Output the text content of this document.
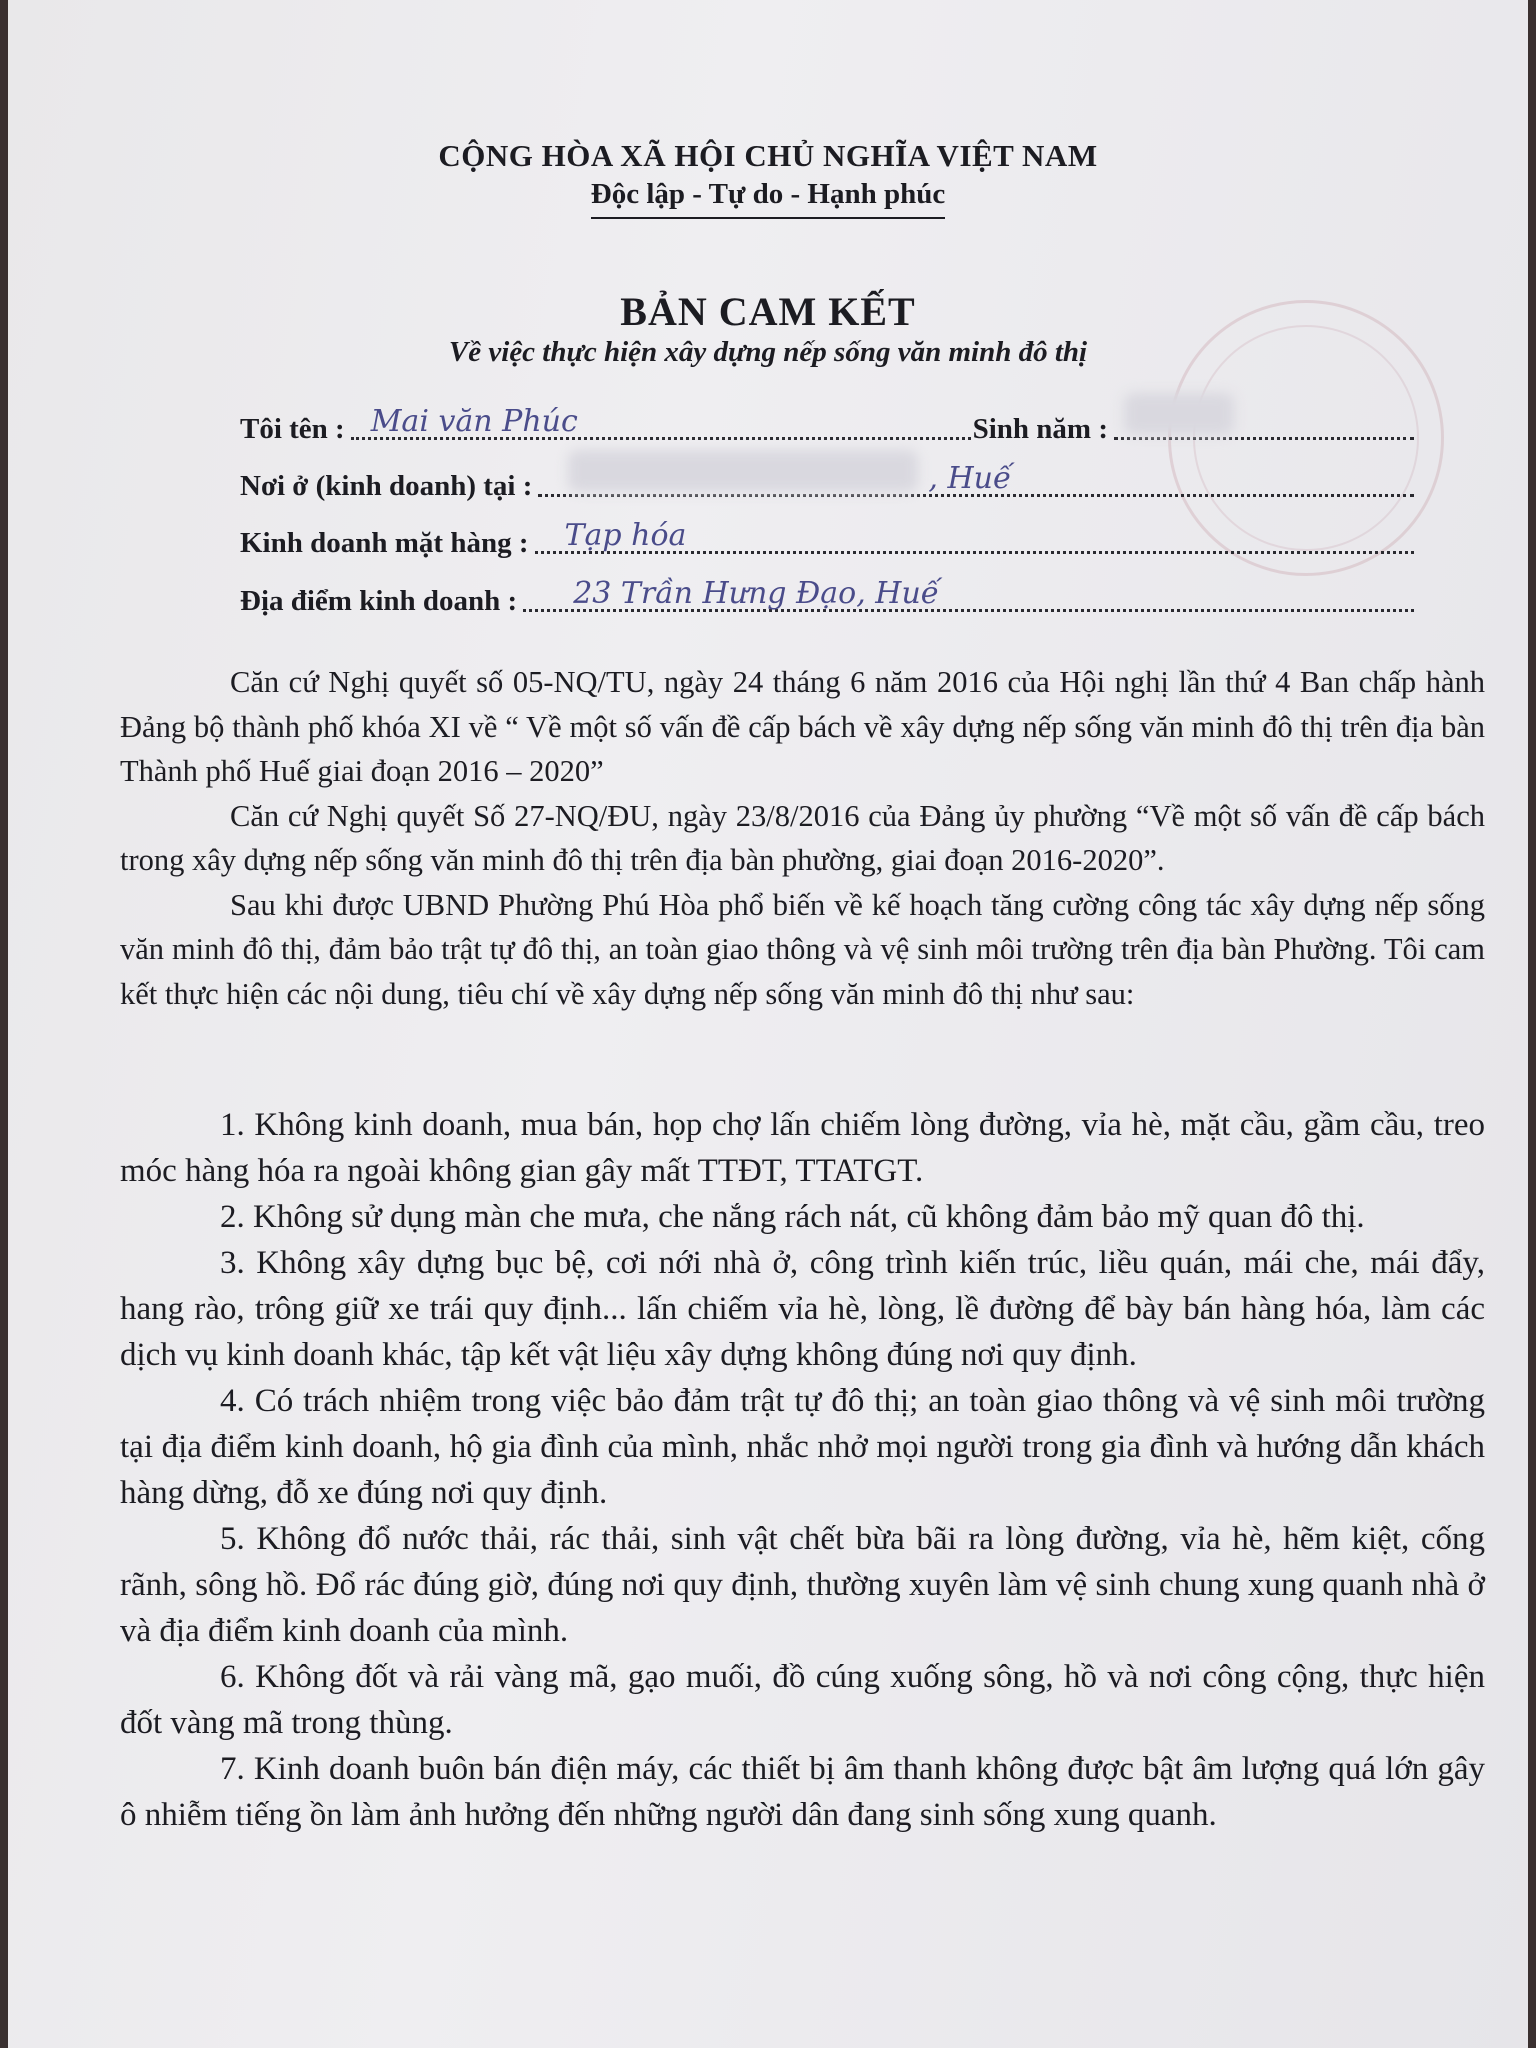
CỘNG HÒA XÃ HỘI CHỦ NGHĨA VIỆT NAM
Độc lập - Tự do - Hạnh phúc
BẢN CAM KẾT
Về việc thực hiện xây dựng nếp sống văn minh đô thị
Tôi tên : Mai văn Phúc	Sinh năm :
Nơi ở (kinh doanh) tại :	, Huế
Kinh doanh mặt hàng : Tạp hóa
Địa điểm kinh doanh : 23 Trần Hưng Đạo, Huế

Căn cứ Nghị quyết số 05-NQ/TU, ngày 24 tháng 6 năm 2016 của Hội nghị lần thứ 4 Ban chấp hành Đảng bộ thành phố khóa XI về “ Về một số vấn đề cấp bách về xây dựng nếp sống văn minh đô thị trên địa bàn Thành phố Huế giai đoạn 2016 – 2020”

Căn cứ Nghị quyết Số 27-NQ/ĐU, ngày 23/8/2016 của Đảng ủy phường “Về một số vấn đề cấp bách trong xây dựng nếp sống văn minh đô thị trên địa bàn phường, giai đoạn 2016-2020”.

Sau khi được UBND Phường Phú Hòa phổ biến về kế hoạch tăng cường công tác xây dựng nếp sống văn minh đô thị, đảm bảo trật tự đô thị, an toàn giao thông và vệ sinh môi trường trên địa bàn Phường. Tôi cam kết thực hiện các nội dung, tiêu chí về xây dựng nếp sống văn minh đô thị như sau:

1. Không kinh doanh, mua bán, họp chợ lấn chiếm lòng đường, vỉa hè, mặt cầu, gầm cầu, treo móc hàng hóa ra ngoài không gian gây mất TTĐT, TTATGT.

2. Không sử dụng màn che mưa, che nắng rách nát, cũ không đảm bảo mỹ quan đô thị.

3. Không xây dựng bục bệ, cơi nới nhà ở, công trình kiến trúc, liều quán, mái che, mái đẩy, hang rào, trông giữ xe trái quy định... lấn chiếm vỉa hè, lòng, lề đường để bày bán hàng hóa, làm các dịch vụ kinh doanh khác, tập kết vật liệu xây dựng không đúng nơi quy định.

4. Có trách nhiệm trong việc bảo đảm trật tự đô thị; an toàn giao thông và vệ sinh môi trường tại địa điểm kinh doanh, hộ gia đình của mình, nhắc nhở mọi người trong gia đình và hướng dẫn khách hàng dừng, đỗ xe đúng nơi quy định.

5. Không đổ nước thải, rác thải, sinh vật chết bừa bãi ra lòng đường, vỉa hè, hẽm kiệt, cống rãnh, sông hồ. Đổ rác đúng giờ, đúng nơi quy định, thường xuyên làm vệ sinh chung xung quanh nhà ở và địa điểm kinh doanh của mình.

6. Không đốt và rải vàng mã, gạo muối, đồ cúng xuống sông, hồ và nơi công cộng, thực hiện đốt vàng mã trong thùng.

7. Kinh doanh buôn bán điện máy, các thiết bị âm thanh không được bật âm lượng quá lớn gây ô nhiễm tiếng ồn làm ảnh hưởng đến những người dân đang sinh sống xung quanh.
